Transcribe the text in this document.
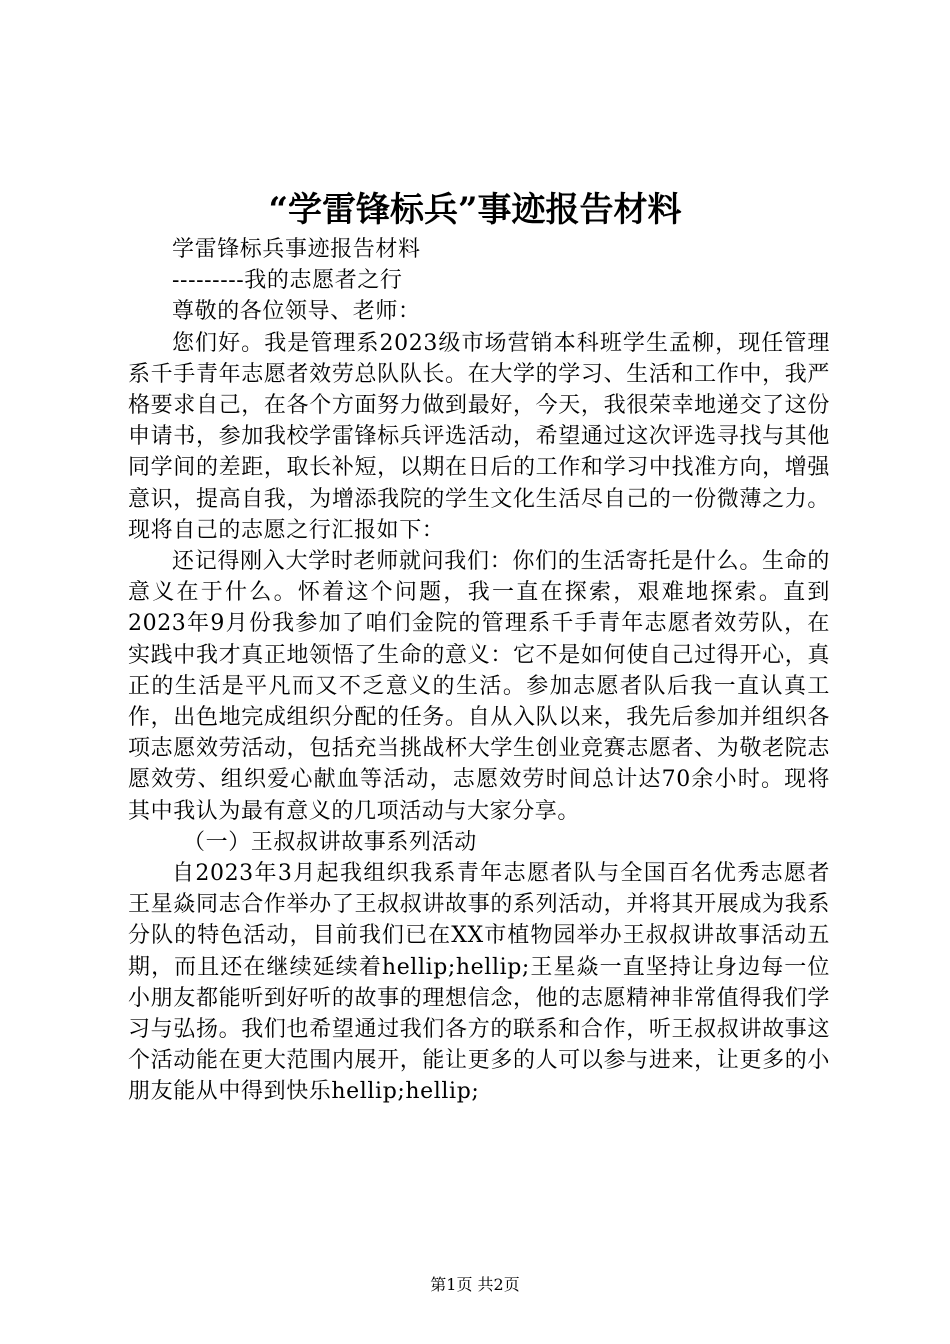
“学雷锋标兵”事迹报告材料

学雷锋标兵事迹报告材料

---------我的志愿者之行

尊敬的各位领导、老师：

您们好。我是管理系2023级市场营销本科班学生孟柳，现任管理系千手青年志愿者效劳总队队长。在大学的学习、生活和工作中，我严格要求自己，在各个方面努力做到最好，今天，我很荣幸地递交了这份申请书，参加我校学雷锋标兵评选活动，希望通过这次评选寻找与其他同学间的差距，取长补短，以期在日后的工作和学习中找准方向，增强意识，提高自我，为增添我院的学生文化生活尽自己的一份微薄之力。现将自己的志愿之行汇报如下：

还记得刚入大学时老师就问我们：你们的生活寄托是什么。生命的意义在于什么。怀着这个问题，我一直在探索，艰难地探索。直到2023年9月份我参加了咱们金院的管理系千手青年志愿者效劳队，在实践中我才真正地领悟了生命的意义：它不是如何使自己过得开心，真正的生活是平凡而又不乏意义的生活。参加志愿者队后我一直认真工作，出色地完成组织分配的任务。自从入队以来，我先后参加并组织各项志愿效劳活动，包括充当挑战杯大学生创业竞赛志愿者、为敬老院志愿效劳、组织爱心献血等活动，志愿效劳时间总计达70余小时。现将其中我认为最有意义的几项活动与大家分享。

（一）王叔叔讲故事系列活动

自2023年3月起我组织我系青年志愿者队与全国百名优秀志愿者王星焱同志合作举办了王叔叔讲故事的系列活动，并将其开展成为我系分队的特色活动，目前我们已在XX市植物园举办王叔叔讲故事活动五期，而且还在继续延续着hellip;hellip;王星焱一直坚持让身边每一位小朋友都能听到好听的故事的理想信念，他的志愿精神非常值得我们学习与弘扬。我们也希望通过我们各方的联系和合作，听王叔叔讲故事这个活动能在更大范围内展开，能让更多的人可以参与进来，让更多的小朋友能从中得到快乐hellip;hellip;

第1页 共2页
